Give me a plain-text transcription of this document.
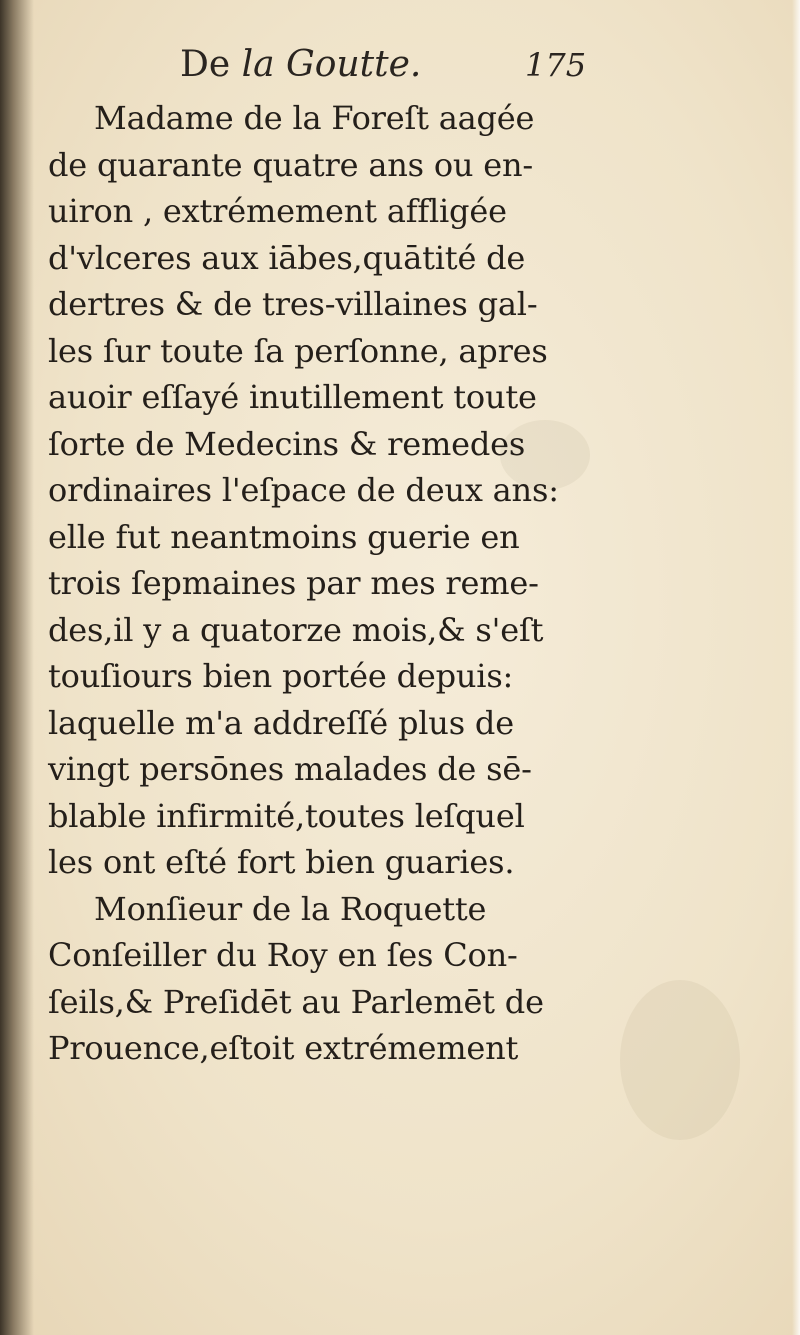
De la Goutte.	175
Madame de la Foreſt aagée
de quarante quatre ans ou en-
uiron , extrémement affligée
d'vlceres aux iābes,quātité de
dertres & de tres-villaines gal-
les ſur toute ſa perſonne, apres
auoir eſſayé inutillement toute
ſorte de Medecins & remedes
ordinaires l'eſpace de deux ans:
elle fut neantmoins guerie en
trois ſepmaines par mes reme-
des,il y a quatorze mois,& s'eſt
touſiours bien portée depuis:
laquelle m'a addreſſé plus de
vingt persōnes malades de sē-
blable infirmité,toutes leſquel
les ont eſté fort bien guaries.
Monſieur de la Roquette
Conſeiller du Roy en ſes Con-
ſeils,& Preſidēt au Parlemēt de
Prouence,eſtoit extrémement
